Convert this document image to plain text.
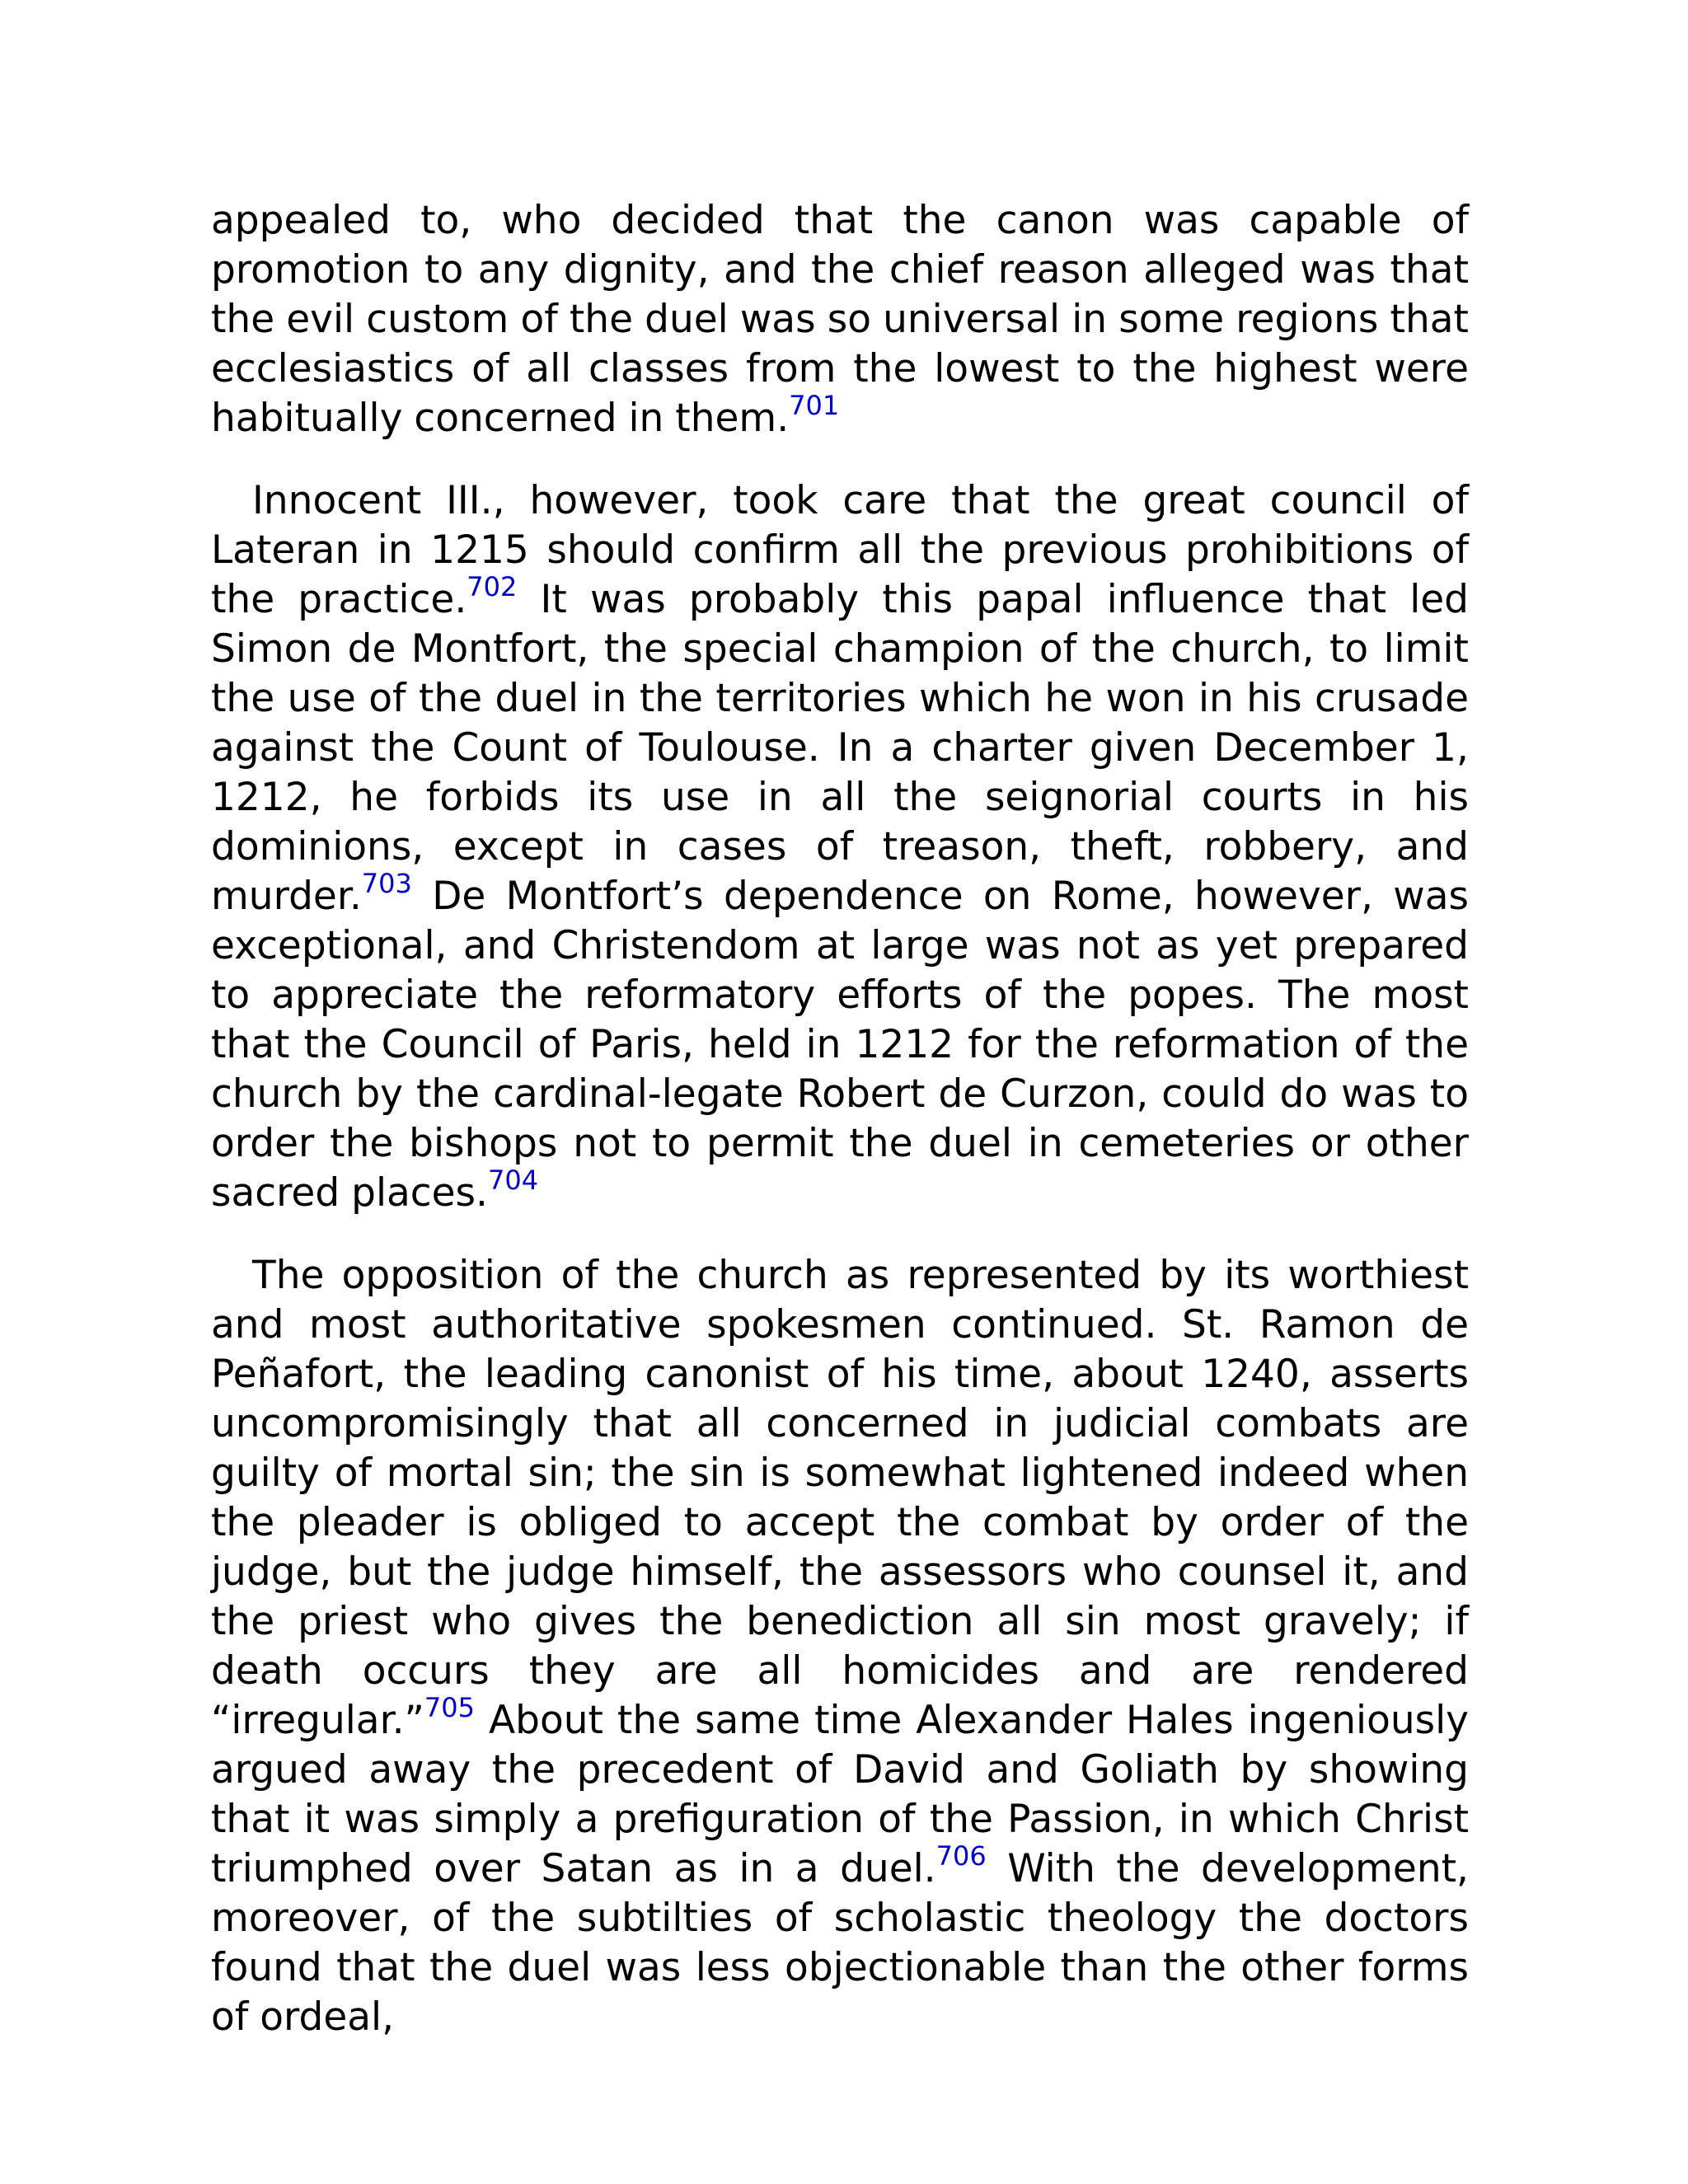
appealed to, who decided that the canon was capable of promotion to any dignity, and the chief reason alleged was that the evil custom of the duel was so universal in some regions that ecclesiastics of all classes from the lowest to the highest were habitually concerned in them.$^{701}$

Innocent III., however, took care that the great council of Lateran in 1215 should confirm all the previous prohibitions of the practice.$^{702}$ It was probably this papal influence that led Simon de Montfort, the special champion of the church, to limit the use of the duel in the territories which he won in his crusade against the Count of Toulouse. In a charter given December 1, 1212, he forbids its use in all the seignorial courts in his dominions, except in cases of treason, theft, robbery, and murder.$^{703}$ De Montfort’s dependence on Rome, however, was exceptional, and Christendom at large was not as yet prepared to appreciate the reformatory efforts of the popes. The most that the Council of Paris, held in 1212 for the reformation of the church by the cardinal-legate Robert de Curzon, could do was to order the bishops not to permit the duel in cemeteries or other sacred places.$^{704}$

The opposition of the church as represented by its worthiest and most authoritative spokesmen continued. St. Ramon de Peñafort, the leading canonist of his time, about 1240, asserts uncompromisingly that all concerned in judicial combats are guilty of mortal sin; the sin is somewhat lightened indeed when the pleader is obliged to accept the combat by order of the judge, but the judge himself, the assessors who counsel it, and the priest who gives the benediction all sin most gravely; if death occurs they are all homicides and are rendered “irregular.”$^{705}$ About the same time Alexander Hales ingeniously argued away the precedent of David and Goliath by showing that it was simply a prefiguration of the Passion, in which Christ triumphed over Satan as in a duel.$^{706}$ With the development, moreover, of the subtilties of scholastic theology the doctors found that the duel was less objectionable than the other forms of ordeal,
